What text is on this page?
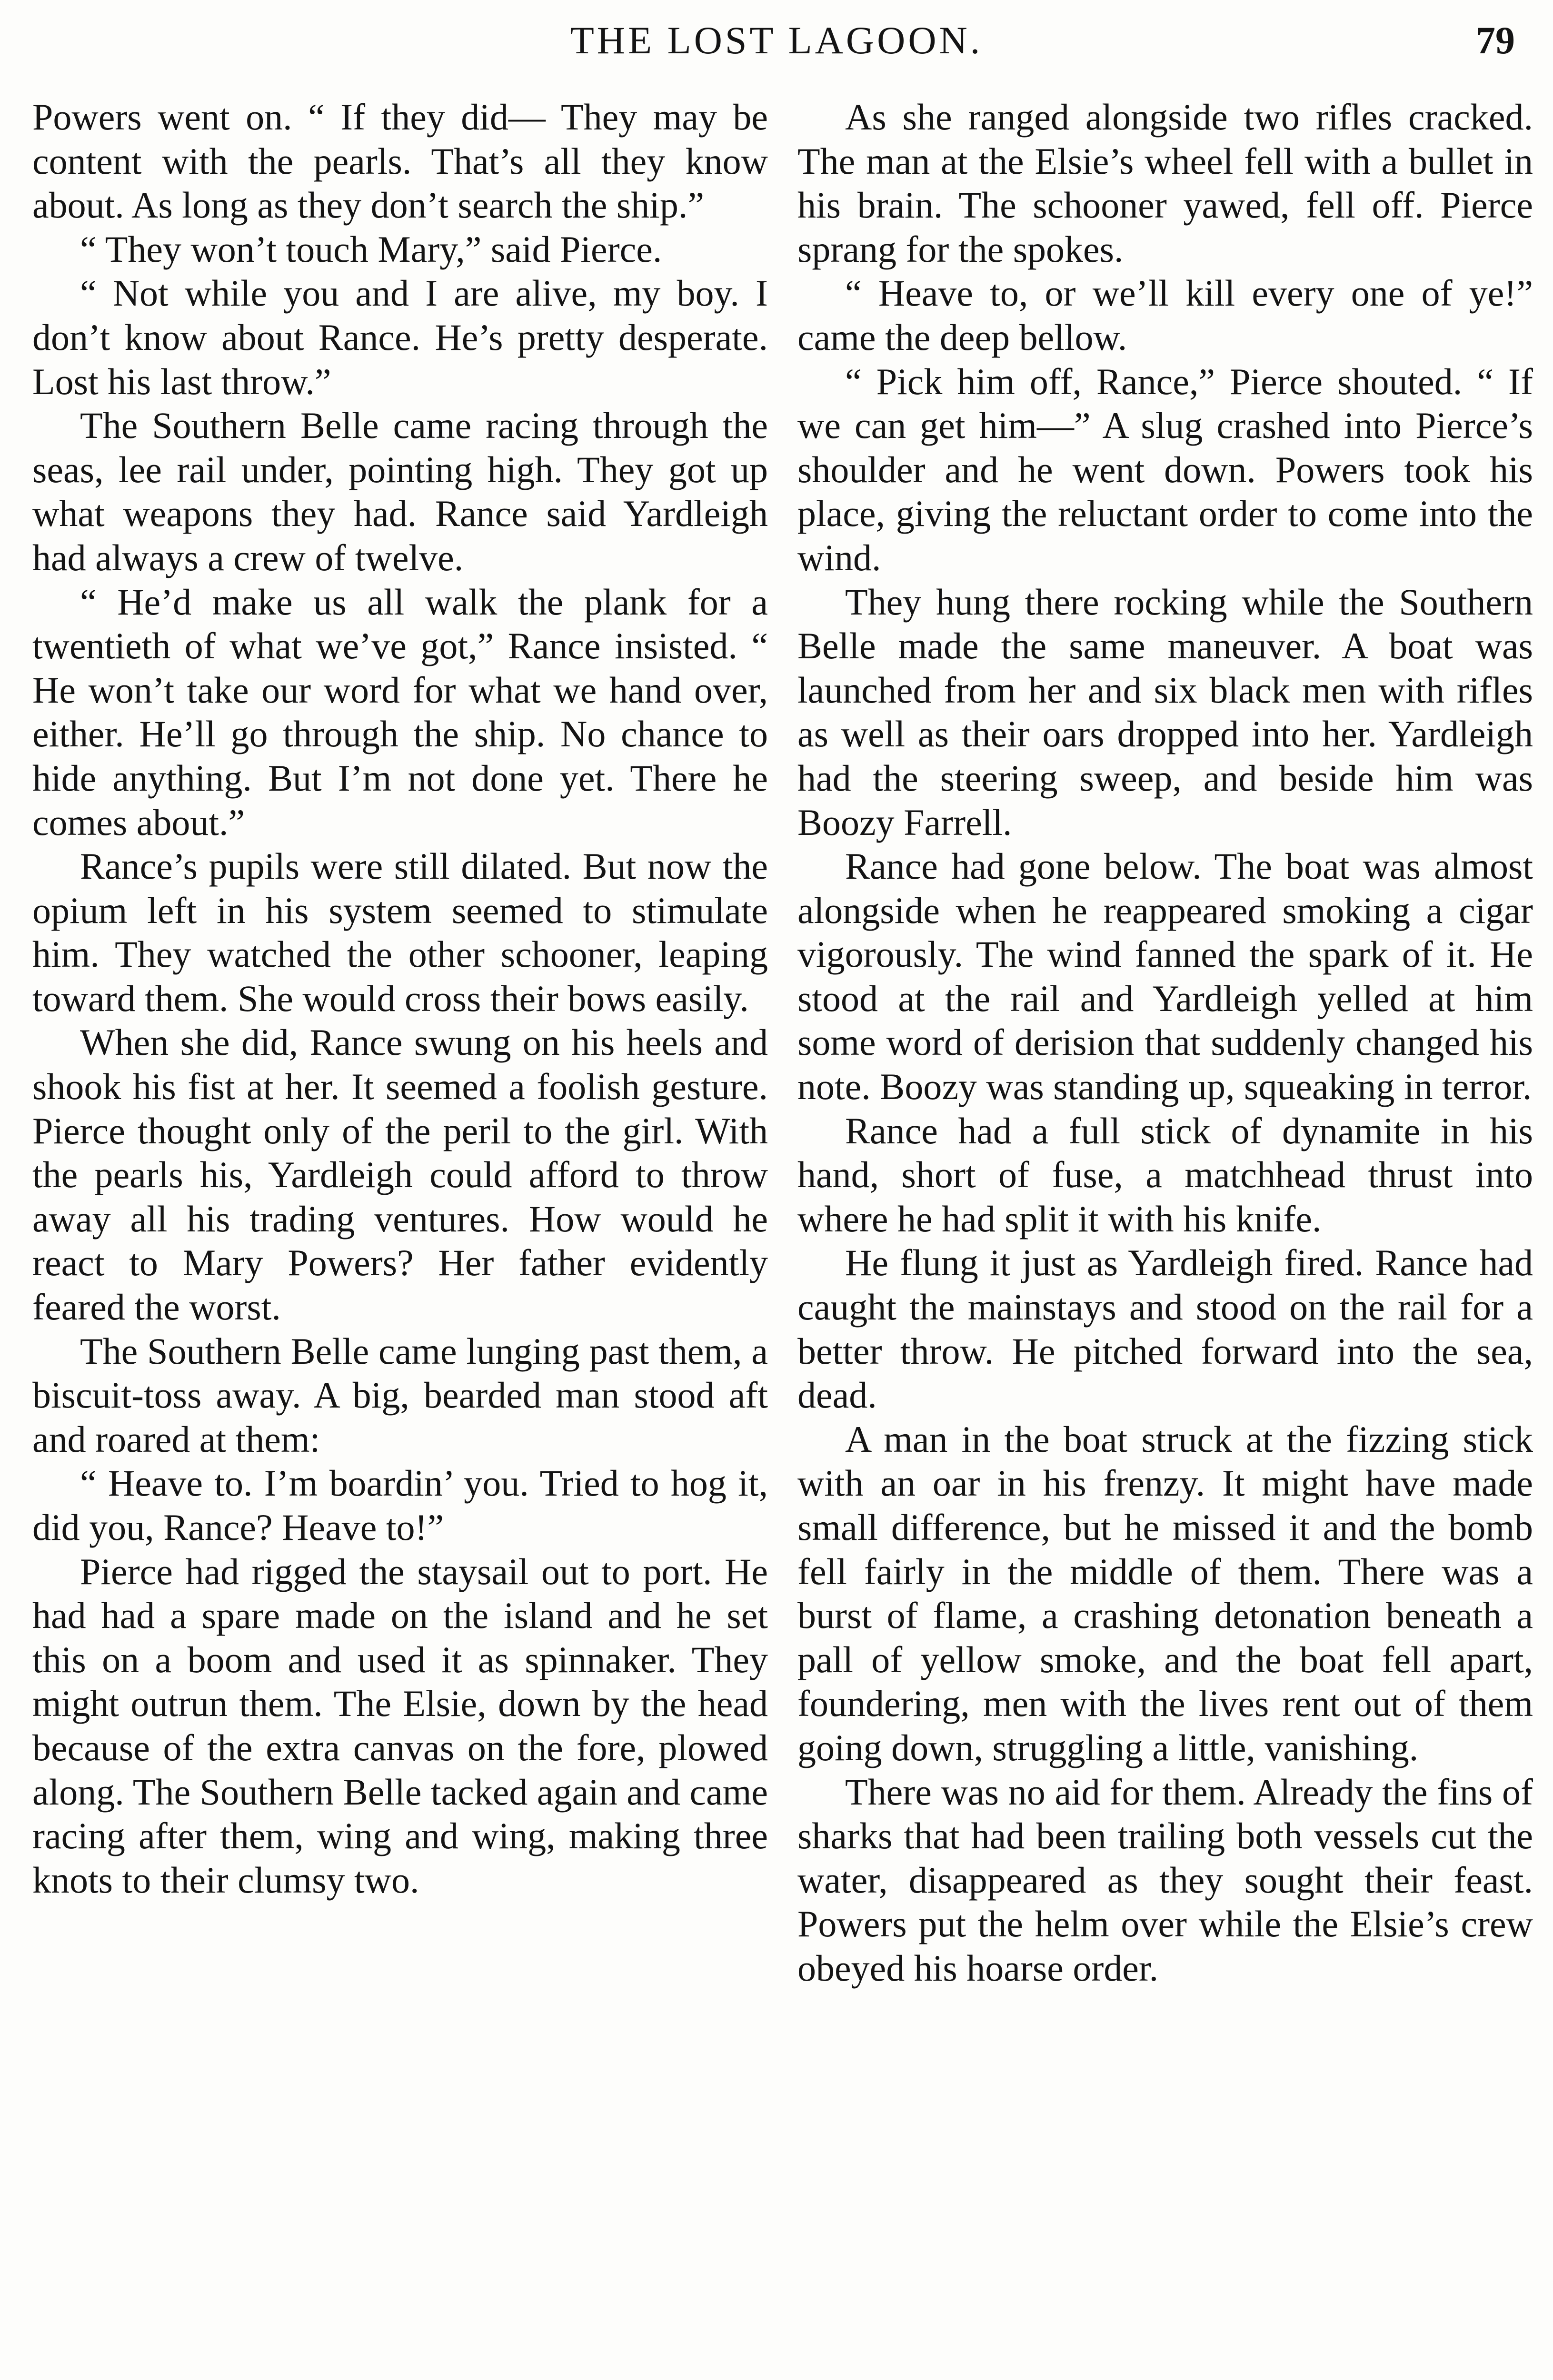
THE LOST LAGOON.	79

Powers went on. “ If they did— They may be content with the pearls. That’s all they know about. As long as they don’t search the ship.”

“ They won’t touch Mary,” said Pierce.

“ Not while you and I are alive, my boy. I don’t know about Rance. He’s pretty desperate. Lost his last throw.”

The Southern Belle came racing through the seas, lee rail under, pointing high. They got up what weapons they had. Rance said Yardleigh had always a crew of twelve.

“ He’d make us all walk the plank for a twentieth of what we’ve got,” Rance insisted. “ He won’t take our word for what we hand over, either. He’ll go through the ship. No chance to hide anything. But I’m not done yet. There he comes about.”

Rance’s pupils were still dilated. But now the opium left in his system seemed to stimulate him. They watched the other schooner, leaping toward them. She would cross their bows easily.

When she did, Rance swung on his heels and shook his fist at her. It seemed a foolish gesture. Pierce thought only of the peril to the girl. With the pearls his, Yardleigh could afford to throw away all his trading ventures. How would he react to Mary Powers? Her father evidently feared the worst.

The Southern Belle came lunging past them, a biscuit-toss away. A big, bearded man stood aft and roared at them:

“ Heave to. I’m boardin’ you. Tried to hog it, did you, Rance? Heave to!”

Pierce had rigged the staysail out to port. He had had a spare made on the island and he set this on a boom and used it as spinnaker. They might outrun them. The Elsie, down by the head because of the extra canvas on the fore, plowed along. The Southern Belle tacked again and came racing after them, wing and wing, making three knots to their clumsy two.

As she ranged alongside two rifles cracked. The man at the Elsie’s wheel fell with a bullet in his brain. The schooner yawed, fell off. Pierce sprang for the spokes.

“ Heave to, or we’ll kill every one of ye!” came the deep bellow.

“ Pick him off, Rance,” Pierce shouted. “ If we can get him—” A slug crashed into Pierce’s shoulder and he went down. Powers took his place, giving the reluctant order to come into the wind.

They hung there rocking while the Southern Belle made the same maneuver. A boat was launched from her and six black men with rifles as well as their oars dropped into her. Yardleigh had the steering sweep, and beside him was Boozy Farrell.

Rance had gone below. The boat was almost alongside when he reappeared smoking a cigar vigorously. The wind fanned the spark of it. He stood at the rail and Yardleigh yelled at him some word of derision that suddenly changed his note. Boozy was standing up, squeaking in terror.

Rance had a full stick of dynamite in his hand, short of fuse, a matchhead thrust into where he had split it with his knife.

He flung it just as Yardleigh fired. Rance had caught the mainstays and stood on the rail for a better throw. He pitched forward into the sea, dead.

A man in the boat struck at the fizzing stick with an oar in his frenzy. It might have made small difference, but he missed it and the bomb fell fairly in the middle of them. There was a burst of flame, a crashing detonation beneath a pall of yellow smoke, and the boat fell apart, foundering, men with the lives rent out of them going down, struggling a little, vanishing.

There was no aid for them. Already the fins of sharks that had been trailing both vessels cut the water, disappeared as they sought their feast. Powers put the helm over while the Elsie’s crew obeyed his hoarse order.
